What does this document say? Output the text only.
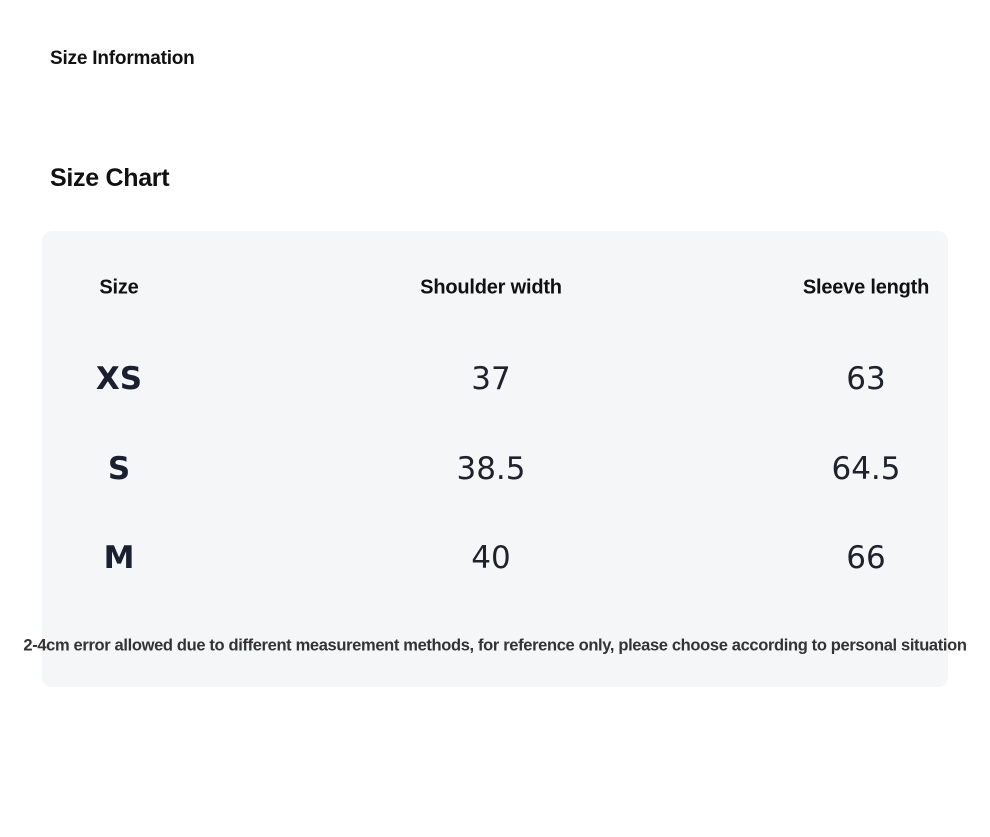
Size Information
Size Chart
Size	Shoulder width	Sleeve length
XS	37	63
S	38.5	64.5
M	40	66
2-4cm error allowed due to different measurement methods, for reference only, please choose according to personal situation
